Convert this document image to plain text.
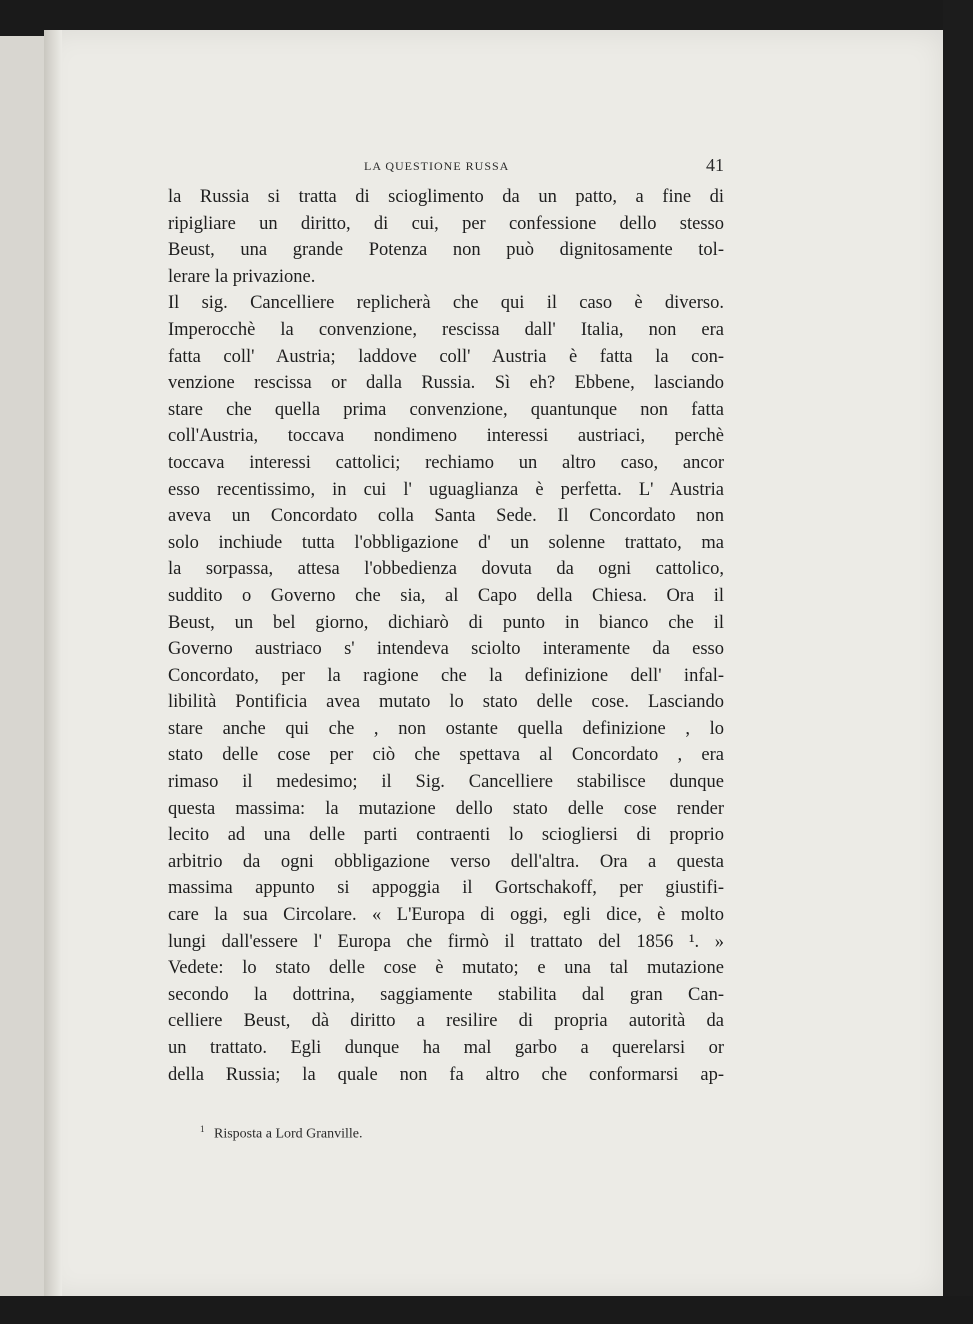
LA QUESTIONE RUSSA	41
la Russia si tratta di scioglimento da un patto, a fine di
ripigliare un diritto, di cui, per confessione dello stesso
Beust, una grande Potenza non può dignitosamente tol-
lerare la privazione.
Il sig. Cancelliere replicherà che qui il caso è diverso.
Imperocchè la convenzione, rescissa dall' Italia, non era
fatta coll' Austria; laddove coll' Austria è fatta la con-
venzione rescissa or dalla Russia. Sì eh? Ebbene, lasciando
stare che quella prima convenzione, quantunque non fatta
coll'Austria, toccava nondimeno interessi austriaci, perchè
toccava interessi cattolici; rechiamo un altro caso, ancor
esso recentissimo, in cui l' uguaglianza è perfetta. L' Austria
aveva un Concordato colla Santa Sede. Il Concordato non
solo inchiude tutta l'obbligazione d' un solenne trattato, ma
la sorpassa, attesa l'obbedienza dovuta da ogni cattolico,
suddito o Governo che sia, al Capo della Chiesa. Ora il
Beust, un bel giorno, dichiarò di punto in bianco che il
Governo austriaco s' intendeva sciolto interamente da esso
Concordato, per la ragione che la definizione dell' infal-
libilità Pontificia avea mutato lo stato delle cose. Lasciando
stare anche qui che , non ostante quella definizione , lo
stato delle cose per ciò che spettava al Concordato , era
rimaso il medesimo; il Sig. Cancelliere stabilisce dunque
questa massima: la mutazione dello stato delle cose render
lecito ad una delle parti contraenti lo sciogliersi di proprio
arbitrio da ogni obbligazione verso dell'altra. Ora a questa
massima appunto si appoggia il Gortschakoff, per giustifi-
care la sua Circolare. « L'Europa di oggi, egli dice, è molto
lungi dall'essere l' Europa che firmò il trattato del 1856 ¹. »
Vedete: lo stato delle cose è mutato; e una tal mutazione
secondo la dottrina, saggiamente stabilita dal gran Can-
celliere Beust, dà diritto a resilire di propria autorità da
un trattato. Egli dunque ha mal garbo a querelarsi or
della Russia; la quale non fa altro che conformarsi ap-
$^1$ Risposta a Lord Granville.
